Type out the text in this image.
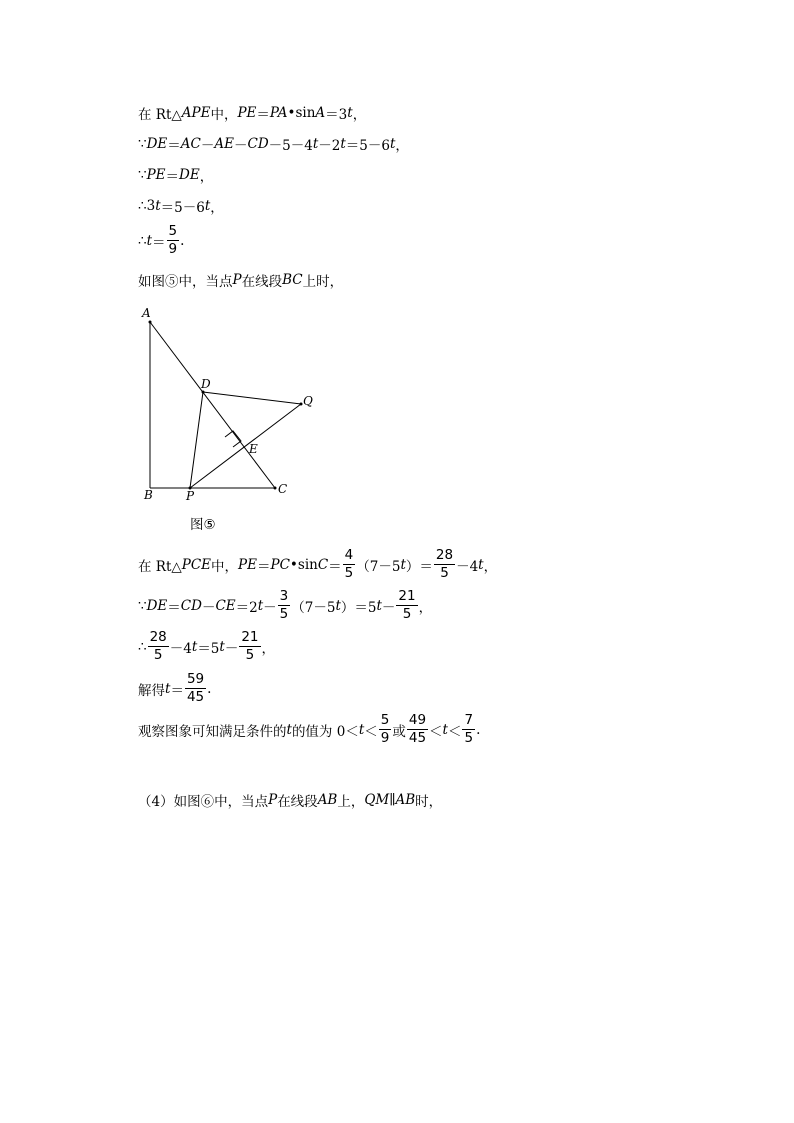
在 Rt△ APE 中， PE ＝ PA •sin A ＝3 t ，
∵ DE ＝ AC － AE － CD －5－4 t －2 t ＝5－6 t ，
∵ PE ＝ DE ，
∴3 t ＝5－6 t ，
∴ $t = \frac{5}{9}$ .
如图⑤中，当点 P 在线段 BC 上时，
A
B	C
P
D
E
Q
图⑤
在 Rt△ PCE 中， PE ＝ PC •sin $C = \frac{4}{5} (7-5$ t ）＝ $\frac{28}{5} -4$ t ，
∵ DE ＝ CD － CE ＝2 $t - \frac{3}{5} (7-5$ t ）＝5 $t - \frac{21}{5}$ ，
∴ $\frac{28}{5} -4$ t ＝5 $t - \frac{21}{5}$ ，
解得 $t = \frac{59}{45}$ .
观察图象可知满足条件的 t 的值为 $0< t < \frac{5}{9}$ 或 $\frac{49}{45} < t < \frac{7}{5}$ .
（4）如图⑥中，当点 P 在线段 AB 上， QM ∥ AB 时，
